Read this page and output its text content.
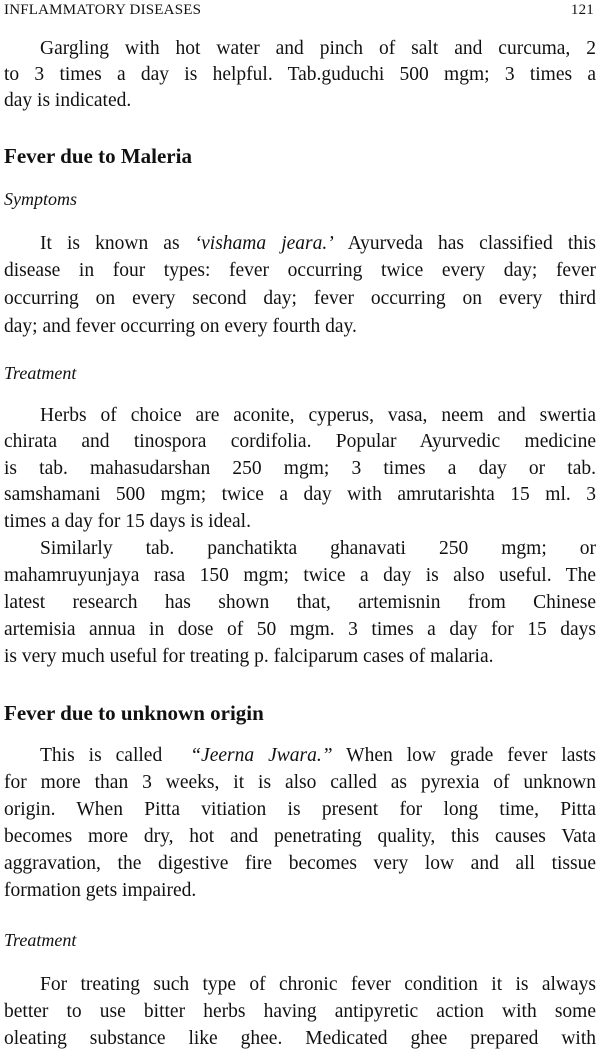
INFLAMMATORY DISEASES	121
Gargling with hot water and pinch of salt and curcuma, 2
to 3 times a day is helpful. Tab.guduchi 500 mgm; 3 times a
day is indicated.
Fever due to Maleria
Symptoms
It is known as ‘vishama jeara.’ Ayurveda has classified this
disease in four types: fever occurring twice every day; fever
occurring on every second day; fever occurring on every third
day; and fever occurring on every fourth day.
Treatment
Herbs of choice are aconite, cyperus, vasa, neem and swertia
chirata and tinospora cordifolia. Popular Ayurvedic medicine
is tab. mahasudarshan 250 mgm; 3 times a day or tab.
samshamani 500 mgm; twice a day with amrutarishta 15 ml. 3
times a day for 15 days is ideal.
Similarly tab. panchatikta ghanavati 250 mgm; or
mahamruyunjaya rasa 150 mgm; twice a day is also useful. The
latest research has shown that, artemisnin from Chinese
artemisia annua in dose of 50 mgm. 3 times a day for 15 days
is very much useful for treating p. falciparum cases of malaria.
Fever due to unknown origin
This is called  “Jeerna Jwara.” When low grade fever lasts
for more than 3 weeks, it is also called as pyrexia of unknown
origin. When Pitta vitiation is present for long time, Pitta
becomes more dry, hot and penetrating quality, this causes Vata
aggravation, the digestive fire becomes very low and all tissue
formation gets impaired.
Treatment
For treating such type of chronic fever condition it is always
better to use bitter herbs having antipyretic action with some
oleating substance like ghee. Medicated ghee prepared with
